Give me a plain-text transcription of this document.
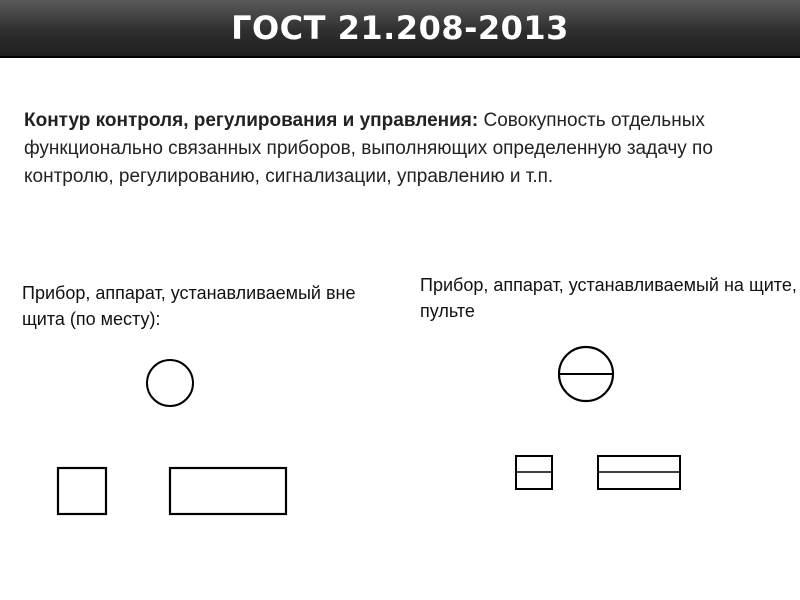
ГОСТ 21.208-2013
Контур контроля, регулирования и управления: Совокупность отдельных функционально связанных приборов, выполняющих определенную задачу по контролю, регулированию, сигнализации, управлению и т.п.
Прибор, аппарат, устанавливаемый вне щита (по месту):
Прибор, аппарат, устанавливаемый на щите, пульте
